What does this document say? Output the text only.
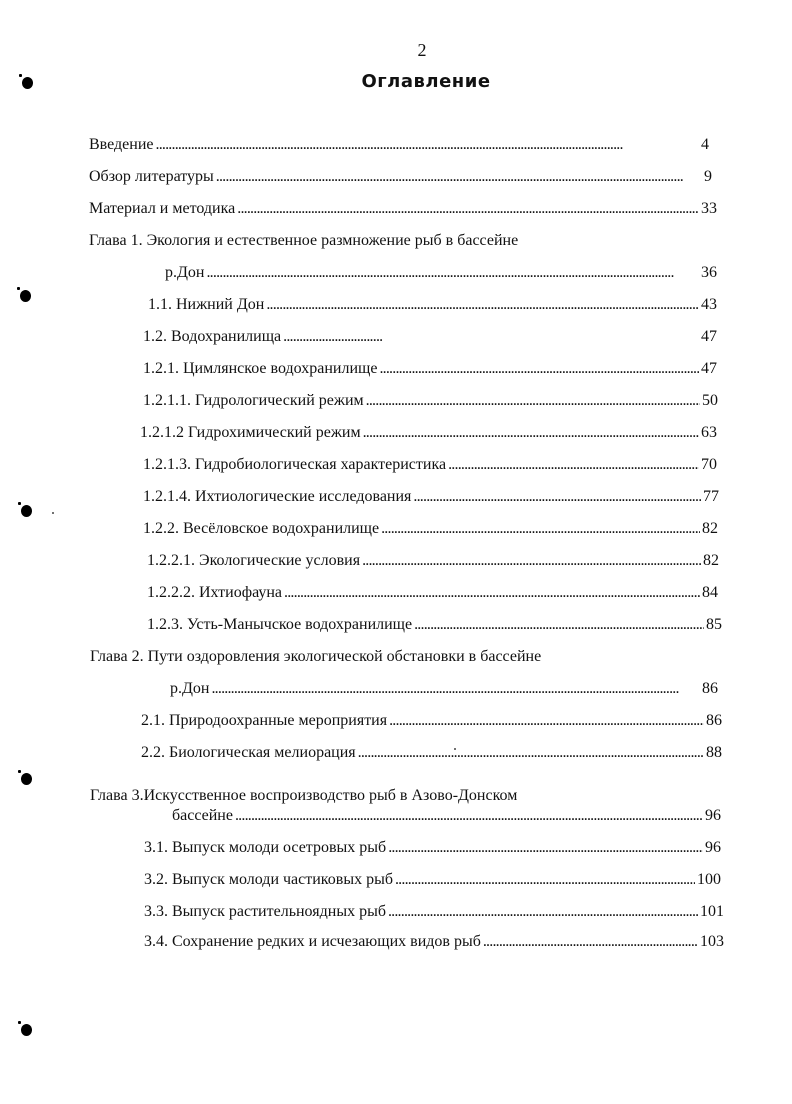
2
Оглавление
Введение . . .	4
Обзор литературы . . .	9
Материал и методика . . .	33
Глава 1. Экология и естественное размножение рыб в бассейне
р.Дон . . .	36
1.1. Нижний Дон . . .	43
1.2. Водохранилища . . .	47
1.2.1. Цимлянское водохранилище . . .	47
1.2.1.1. Гидрологический режим . . .	50
1.2.1.2 Гидрохимический режим . . .	63
1.2.1.3. Гидробиологическая характеристика . . .	70
1.2.1.4. Ихтиологические исследования . . .	77
1.2.2. Весёловское водохранилище . . .	82
1.2.2.1. Экологические условия . . .	82
1.2.2.2. Ихтиофауна . . .	84
1.2.3. Усть-Манычское водохранилище . . .	85
Глава 2. Пути оздоровления экологической обстановки в бассейне
р.Дон . . .	86
2.1. Природоохранные мероприятия . . .	86
2.2. Биологическая мелиорация . . .	88
Глава 3.Искусственное воспроизводство рыб в Азово-Донском
бассейне . . .	96
3.1. Выпуск молоди осетровых рыб . . .	96
3.2. Выпуск молоди частиковых рыб . . .	100
3.3. Выпуск растительноядных рыб . . .	101
3.4. Сохранение редких и исчезающих видов рыб . . .	103
